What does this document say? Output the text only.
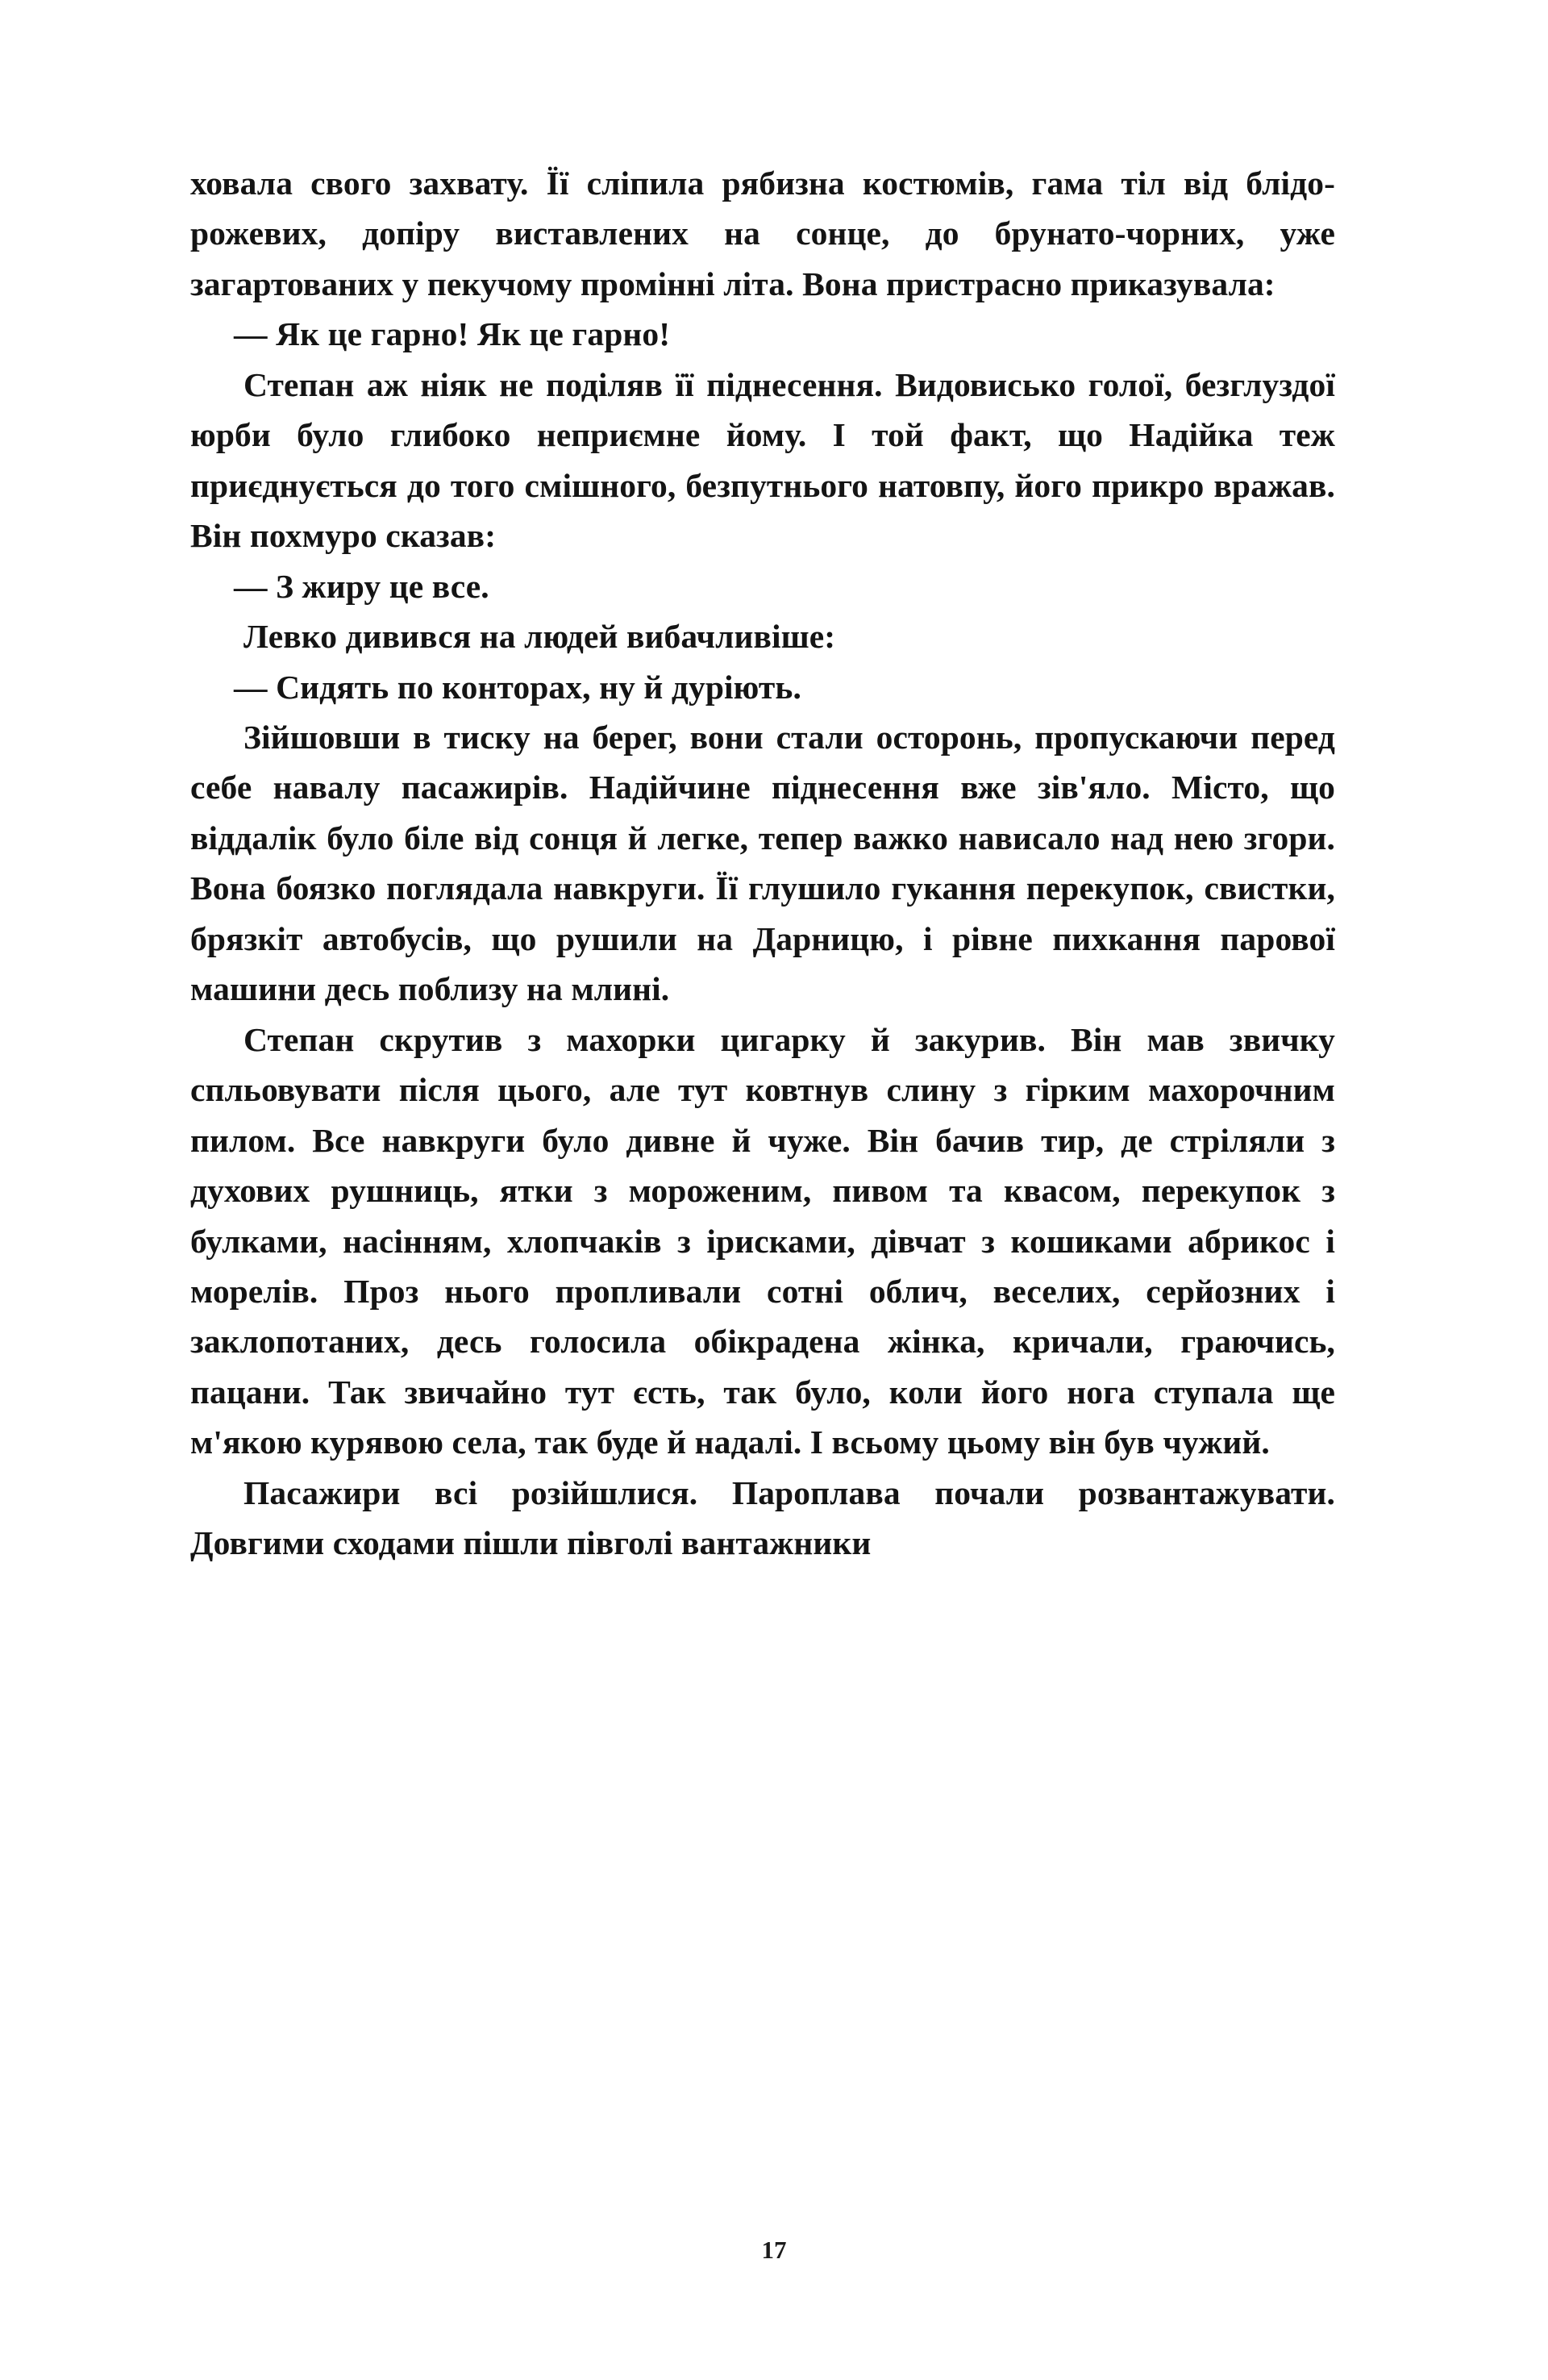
ховала свого захвату. Її сліпила рябизна костюмів, гама тіл від блідо-рожевих, допіру виставлених на сонце, до брунато-чорних, уже загартованих у пекучому промінні літа. Вона пристрасно приказувала:

— Як це гарно! Як це гарно!

Степан аж ніяк не поділяв її піднесення. Видовисько голої, безглуздої юрби було глибоко неприємне йому. І той факт, що Надійка теж приєднується до того смішного, безпутнього натовпу, його прикро вражав. Він похмуро сказав:

— З жиру це все.

Левко дивився на людей вибачливіше:

— Сидять по конторах, ну й дуріють.

Зійшовши в тиску на берег, вони стали осторонь, пропускаючи перед себе навалу пасажирів. Надійчине піднесення вже зів'яло. Місто, що віддалік було біле від сонця й легке, тепер важко нависало над нею згори. Вона боязко поглядала навкруги. Її глушило гукання перекупок, свистки, брязкіт автобусів, що рушили на Дарницю, і рівне пихкання парової машини десь поблизу на млині.

Степан скрутив з махорки цигарку й закурив. Він мав звичку спльовувати після цього, але тут ковтнув слину з гірким махорочним пилом. Все навкруги було дивне й чуже. Він бачив тир, де стріляли з духових рушниць, ятки з мороженим, пивом та квасом, перекупок з булками, насінням, хлопчаків з ірисками, дівчат з кошиками абрикос і морелів. Проз нього пропливали сотні облич, веселих, серйозних і заклопотаних, десь голосила обікрадена жінка, кричали, граючись, пацани. Так звичайно тут єсть, так було, коли його нога ступала ще м'якою курявою села, так буде й надалі. І всьому цьому він був чужий.

Пасажири всі розійшлися. Пароплава почали розвантажувати. Довгими сходами пішли півголі вантажники

17
